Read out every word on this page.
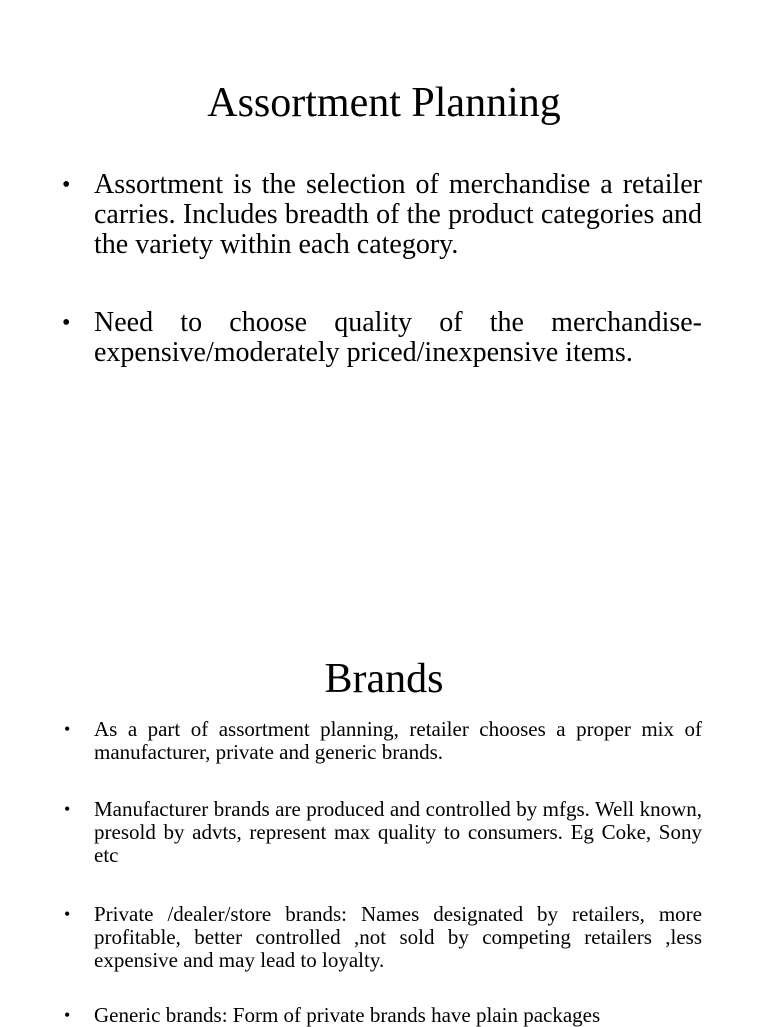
Assortment Planning
• Assortment is the selection of merchandise a retailer carries. Includes breadth of the product categories and the variety within each category.
• Need to choose quality of the merchandise- expensive/moderately priced/inexpensive items.
Brands
• As a part of assortment planning, retailer chooses a proper mix of manufacturer, private and generic brands.
• Manufacturer brands are produced and controlled by mfgs. Well known, presold by advts, represent max quality to consumers. Eg Coke, Sony etc
• Private /dealer/store brands: Names designated by retailers, more profitable, better controlled ,not sold by competing retailers ,less expensive and may lead to loyalty.
• Generic brands: Form of private brands have plain packages
